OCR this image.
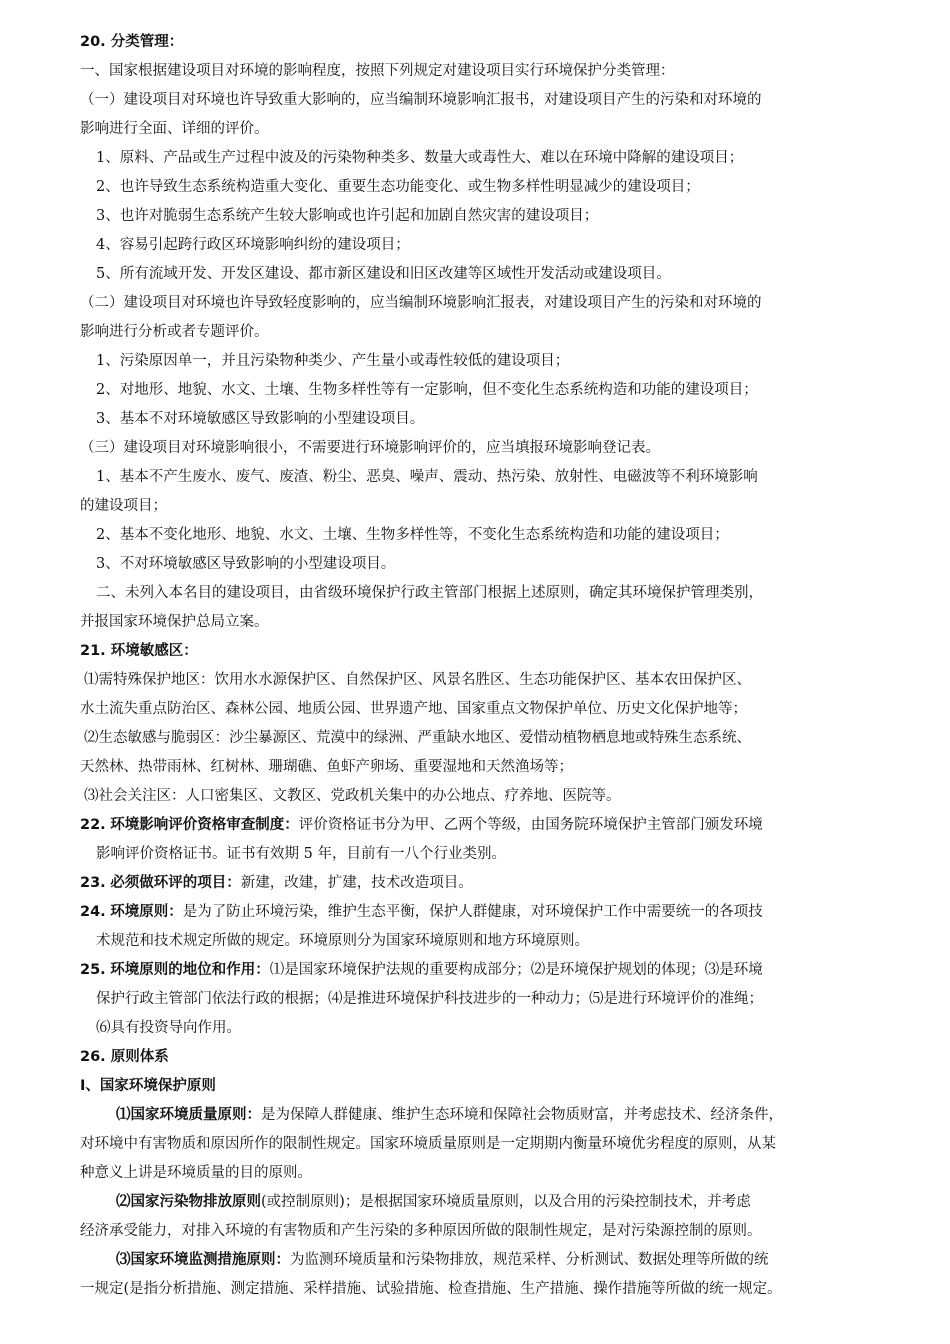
20. 分类管理：
一、国家根据建设项目对环境的影响程度，按照下列规定对建设项目实行环境保护分类管理：
（一）建设项目对环境也许导致重大影响的，应当编制环境影响汇报书，对建设项目产生的污染和对环境的
影响进行全面、详细的评价。
1、原料、产品或生产过程中波及的污染物种类多、数量大或毒性大、难以在环境中降解的建设项目；
2、也许导致生态系统构造重大变化、重要生态功能变化、或生物多样性明显减少的建设项目；
3、也许对脆弱生态系统产生较大影响或也许引起和加剧自然灾害的建设项目；
4、容易引起跨行政区环境影响纠纷的建设项目；
5、所有流域开发、开发区建设、都市新区建设和旧区改建等区域性开发活动或建设项目。
（二）建设项目对环境也许导致轻度影响的，应当编制环境影响汇报表，对建设项目产生的污染和对环境的
影响进行分析或者专题评价。
1、污染原因单一，并且污染物种类少、产生量小或毒性较低的建设项目；
2、对地形、地貌、水文、土壤、生物多样性等有一定影响，但不变化生态系统构造和功能的建设项目；
3、基本不对环境敏感区导致影响的小型建设项目。
（三）建设项目对环境影响很小，不需要进行环境影响评价的，应当填报环境影响登记表。
1、基本不产生废水、废气、废渣、粉尘、恶臭、噪声、震动、热污染、放射性、电磁波等不利环境影响
的建设项目；
2、基本不变化地形、地貌、水文、土壤、生物多样性等，不变化生态系统构造和功能的建设项目；
3、不对环境敏感区导致影响的小型建设项目。
二、未列入本名目的建设项目，由省级环境保护行政主管部门根据上述原则，确定其环境保护管理类别，
并报国家环境保护总局立案。
21. 环境敏感区：
⑴需特殊保护地区：饮用水水源保护区、自然保护区、风景名胜区、生态功能保护区、基本农田保护区、
水土流失重点防治区、森林公园、地质公园、世界遗产地、国家重点文物保护单位、历史文化保护地等；
⑵生态敏感与脆弱区：沙尘暴源区、荒漠中的绿洲、严重缺水地区、爱惜动植物栖息地或特殊生态系统、
天然林、热带雨林、红树林、珊瑚礁、鱼虾产卵场、重要湿地和天然渔场等；
⑶社会关注区：人口密集区、文教区、党政机关集中的办公地点、疗养地、医院等。
22. 环境影响评价资格审查制度：评价资格证书分为甲、乙两个等级，由国务院环境保护主管部门颁发环境
影响评价资格证书。证书有效期 5 年，目前有一八个行业类别。
23. 必须做环评的项目：新建，改建，扩建，技术改造项目。
24. 环境原则：是为了防止环境污染，维护生态平衡，保护人群健康，对环境保护工作中需要统一的各项技
术规范和技术规定所做的规定。环境原则分为国家环境原则和地方环境原则。
25. 环境原则的地位和作用：⑴是国家环境保护法规的重要构成部分；⑵是环境保护规划的体现；⑶是环境
保护行政主管部门依法行政的根据；⑷是推进环境保护科技进步的一种动力；⑸是进行环境评价的准绳；
⑹具有投资导向作用。
26. 原则体系
Ⅰ、国家环境保护原则
⑴国家环境质量原则：是为保障人群健康、维护生态环境和保障社会物质财富，并考虑技术、经济条件，
对环境中有害物质和原因所作的限制性规定。国家环境质量原则是一定期期内衡量环境优劣程度的原则，从某
种意义上讲是环境质量的目的原则。
⑵国家污染物排放原则(或控制原则)；是根据国家环境质量原则，以及合用的污染控制技术，并考虑
经济承受能力，对排入环境的有害物质和产生污染的多种原因所做的限制性规定，是对污染源控制的原则。
⑶国家环境监测措施原则：为监测环境质量和污染物排放，规范采样、分析测试、数据处理等所做的统
一规定(是指分析措施、测定措施、采样措施、试验措施、检查措施、生产措施、操作措施等所做的统一规定。
